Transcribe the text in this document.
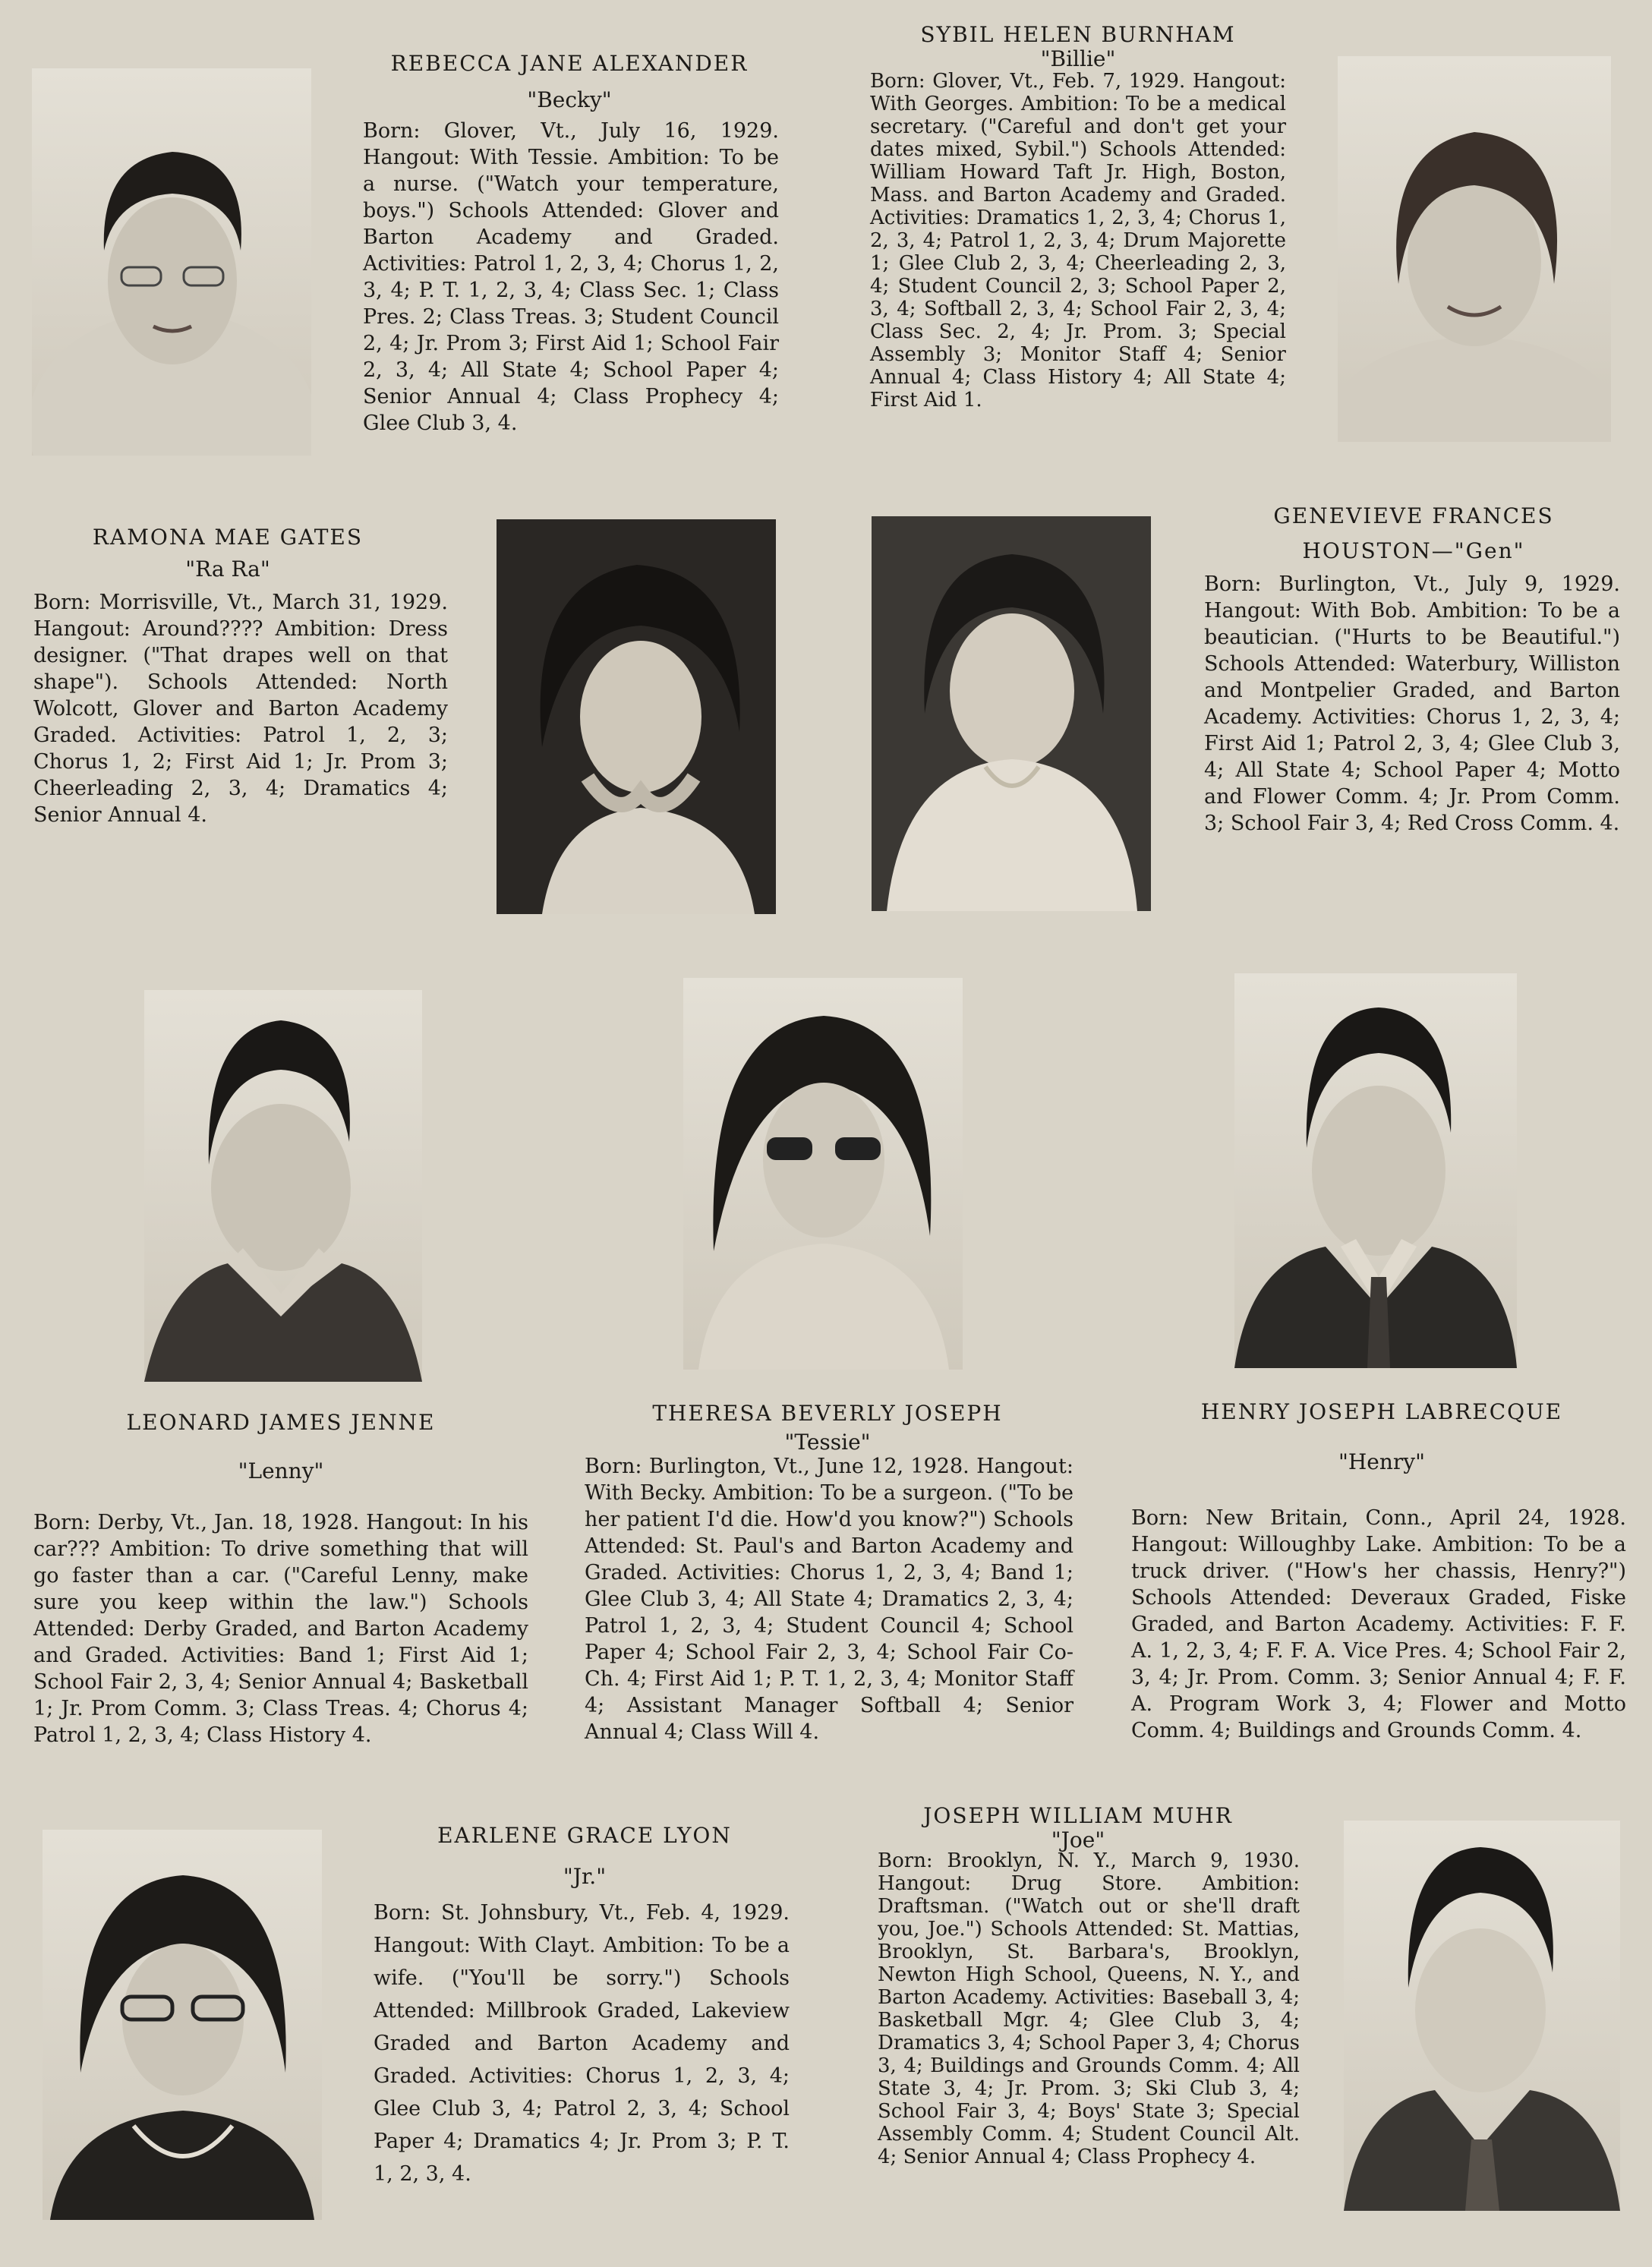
REBECCA JANE ALEXANDER
"Becky"
Born: Glover, Vt., July 16, 1929. Hangout: With Tessie. Ambition: To be a nurse. ("Watch your temperature, boys.") Schools Attended: Glover and Barton Academy and Graded. Activities: Patrol 1, 2, 3, 4; Chorus 1, 2, 3, 4; P. T. 1, 2, 3, 4; Class Sec. 1; Class Pres. 2; Class Treas. 3; Student Council 2, 4; Jr. Prom 3; First Aid 1; School Fair 2, 3, 4; All State 4; School Paper 4; Senior Annual 4; Class Prophecy 4; Glee Club 3, 4.
SYBIL HELEN BURNHAM
"Billie"
Born: Glover, Vt., Feb. 7, 1929. Hangout: With Georges. Ambition: To be a medical secretary. ("Careful and don't get your dates mixed, Sybil.") Schools Attended: William Howard Taft Jr. High, Boston, Mass. and Barton Academy and Graded. Activities: Dramatics 1, 2, 3, 4; Chorus 1, 2, 3, 4; Patrol 1, 2, 3, 4; Drum Majorette 1; Glee Club 2, 3, 4; Cheerleading 2, 3, 4; Student Council 2, 3; School Paper 2, 3, 4; Softball 2, 3, 4; School Fair 2, 3, 4; Class Sec. 2, 4; Jr. Prom. 3; Special Assembly 3; Monitor Staff 4; Senior Annual 4; Class History 4; All State 4; First Aid 1.
RAMONA MAE GATES
"Ra Ra"
Born: Morrisville, Vt., March 31, 1929. Hangout: Around???? Ambition: Dress designer. ("That drapes well on that shape"). Schools Attended: North Wolcott, Glover and Barton Academy Graded. Activities: Patrol 1, 2, 3; Chorus 1, 2; First Aid 1; Jr. Prom 3; Cheerleading 2, 3, 4; Dramatics 4; Senior Annual 4.
GENEVIEVE FRANCES
HOUSTON—"Gen"
Born: Burlington, Vt., July 9, 1929. Hangout: With Bob. Ambition: To be a beautician. ("Hurts to be Beautiful.") Schools Attended: Waterbury, Williston and Montpelier Graded, and Barton Academy. Activities: Chorus 1, 2, 3, 4; First Aid 1; Patrol 2, 3, 4; Glee Club 3, 4; All State 4; School Paper 4; Motto and Flower Comm. 4; Jr. Prom Comm. 3; School Fair 3, 4; Red Cross Comm. 4.
LEONARD JAMES JENNE
"Lenny"
Born: Derby, Vt., Jan. 18, 1928. Hangout: In his car??? Ambition: To drive something that will go faster than a car. ("Careful Lenny, make sure you keep within the law.") Schools Attended: Derby Graded, and Barton Academy and Graded. Activities: Band 1; First Aid 1; School Fair 2, 3, 4; Senior Annual 4; Basketball 1; Jr. Prom Comm. 3; Class Treas. 4; Chorus 4; Patrol 1, 2, 3, 4; Class History 4.
THERESA BEVERLY JOSEPH
"Tessie"
Born: Burlington, Vt., June 12, 1928. Hangout: With Becky. Ambition: To be a surgeon. ("To be her patient I'd die. How'd you know?") Schools Attended: St. Paul's and Barton Academy and Graded. Activities: Chorus 1, 2, 3, 4; Band 1; Glee Club 3, 4; All State 4; Dramatics 2, 3, 4; Patrol 1, 2, 3, 4; Student Council 4; School Paper 4; School Fair 2, 3, 4; School Fair Co-Ch. 4; First Aid 1; P. T. 1, 2, 3, 4; Monitor Staff 4; Assistant Manager Softball 4; Senior Annual 4; Class Will 4.
HENRY JOSEPH LABRECQUE
"Henry"
Born: New Britain, Conn., April 24, 1928. Hangout: Willoughby Lake. Ambition: To be a truck driver. ("How's her chassis, Henry?") Schools Attended: Deveraux Graded, Fiske Graded, and Barton Academy. Activities: F. F. A. 1, 2, 3, 4; F. F. A. Vice Pres. 4; School Fair 2, 3, 4; Jr. Prom. Comm. 3; Senior Annual 4; F. F. A. Program Work 3, 4; Flower and Motto Comm. 4; Buildings and Grounds Comm. 4.
EARLENE GRACE LYON
"Jr."
Born: St. Johnsbury, Vt., Feb. 4, 1929. Hangout: With Clayt. Ambition: To be a wife. ("You'll be sorry.") Schools Attended: Millbrook Graded, Lakeview Graded and Barton Academy and Graded. Activities: Chorus 1, 2, 3, 4; Glee Club 3, 4; Patrol 2, 3, 4; School Paper 4; Dramatics 4; Jr. Prom 3; P. T. 1, 2, 3, 4.
JOSEPH WILLIAM MUHR
"Joe"
Born: Brooklyn, N. Y., March 9, 1930. Hangout: Drug Store. Ambition: Draftsman. ("Watch out or she'll draft you, Joe.") Schools Attended: St. Mattias, Brooklyn, St. Barbara's, Brooklyn, Newton High School, Queens, N. Y., and Barton Academy. Activities: Baseball 3, 4; Basketball Mgr. 4; Glee Club 3, 4; Dramatics 3, 4; School Paper 3, 4; Chorus 3, 4; Buildings and Grounds Comm. 4; All State 3, 4; Jr. Prom. 3; Ski Club 3, 4; School Fair 3, 4; Boys' State 3; Special Assembly Comm. 4; Student Council Alt. 4; Senior Annual 4; Class Prophecy 4.
